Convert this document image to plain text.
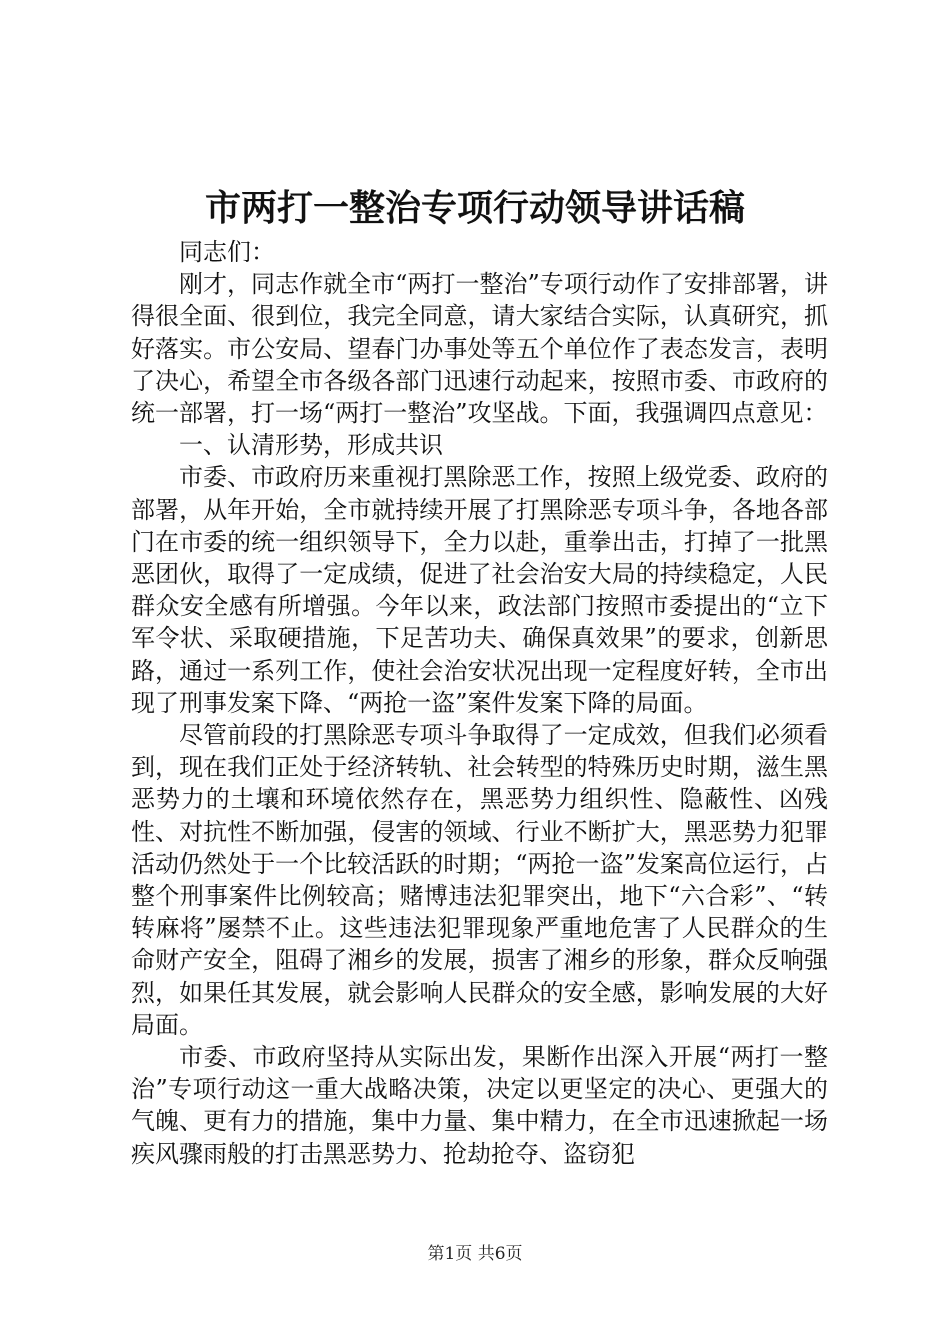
市两打一整治专项行动领导讲话稿

同志们：

刚才，同志作就全市“两打一整治”专项行动作了安排部署，讲得很全面、很到位，我完全同意，请大家结合实际，认真研究，抓好落实。市公安局、望春门办事处等五个单位作了表态发言，表明了决心，希望全市各级各部门迅速行动起来，按照市委、市政府的统一部署，打一场“两打一整治”攻坚战。下面，我强调四点意见：

一、认清形势，形成共识

市委、市政府历来重视打黑除恶工作，按照上级党委、政府的部署，从年开始，全市就持续开展了打黑除恶专项斗争，各地各部门在市委的统一组织领导下，全力以赴，重拳出击，打掉了一批黑恶团伙，取得了一定成绩，促进了社会治安大局的持续稳定，人民群众安全感有所增强。今年以来，政法部门按照市委提出的“立下军令状、采取硬措施，下足苦功夫、确保真效果”的要求，创新思路，通过一系列工作，使社会治安状况出现一定程度好转，全市出现了刑事发案下降、“两抢一盗”案件发案下降的局面。

尽管前段的打黑除恶专项斗争取得了一定成效，但我们必须看到，现在我们正处于经济转轨、社会转型的特殊历史时期，滋生黑恶势力的土壤和环境依然存在，黑恶势力组织性、隐蔽性、凶残性、对抗性不断加强，侵害的领域、行业不断扩大，黑恶势力犯罪活动仍然处于一个比较活跃的时期；“两抢一盗”发案高位运行，占整个刑事案件比例较高；赌博违法犯罪突出，地下“六合彩”、“转转麻将”屡禁不止。这些违法犯罪现象严重地危害了人民群众的生命财产安全，阻碍了湘乡的发展，损害了湘乡的形象，群众反响强烈，如果任其发展，就会影响人民群众的安全感，影响发展的大好局面。

市委、市政府坚持从实际出发，果断作出深入开展“两打一整治”专项行动这一重大战略决策，决定以更坚定的决心、更强大的气魄、更有力的措施，集中力量、集中精力，在全市迅速掀起一场疾风骤雨般的打击黑恶势力、抢劫抢夺、盗窃犯

第1页 共6页
